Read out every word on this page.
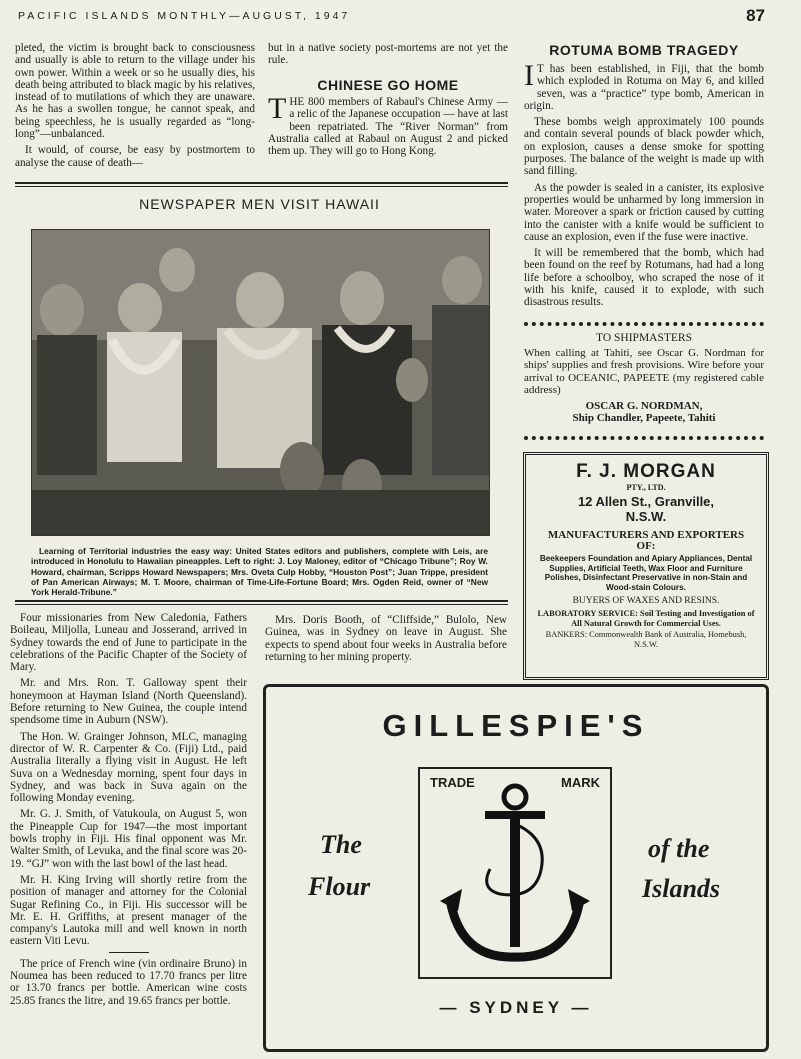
PACIFIC ISLANDS MONTHLY—AUGUST, 1947	87

pleted, the victim is brought back to consciousness and usually is able to return to the village under his own power. Within a week or so he usually dies, his death being attributed to black magic by his relatives, instead of to mutilations of which they are unaware. As he has a swollen tongue, he cannot speak, and being speechless, he is usually regarded as “long-long”—unbalanced.

It would, of course, be easy by postmortem to analyse the cause of death—

but in a native society post-mortems are not yet the rule.

CHINESE GO HOME
T HE 800 members of Rabaul's Chinese Army — a relic of the Japanese occupation — have at last been repatriated. The “River Norman” from Australia called at Rabaul on August 2 and picked them up. They will go to Hong Kong.
NEWSPAPER MEN VISIT HAWAII
Learning of Territorial industries the easy way: United States editors and publishers, complete with Leis, are introduced in Honolulu to Hawaiian pineapples. Left to right: J. Loy Maloney, editor of “Chicago Tribune”; Roy W. Howard, chairman, Scripps Howard Newspapers; Mrs. Oveta Culp Hobby, “Houston Post”; Juan Trippe, president of Pan American Airways; M. T. Moore, chairman of Time-Life-Fortune Board; Mrs. Ogden Reid, owner of “New York Herald-Tribune.”

Four missionaries from New Caledonia, Fathers Boileau, Miljolla, Luneau and Josserand, arrived in Sydney towards the end of June to participate in the celebrations of the Pacific Chapter of the Society of Mary.

Mr. and Mrs. Ron. T. Galloway spent their honeymoon at Hayman Island (North Queensland). Before returning to New Guinea, the couple intend spendsome time in Auburn (NSW).

The Hon. W. Grainger Johnson, MLC, managing director of W. R. Carpenter & Co. (Fiji) Ltd., paid Australia literally a flying visit in August. He left Suva on a Wednesday morning, spent four days in Sydney, and was back in Suva again on the following Monday evening.

Mr. G. J. Smith, of Vatukoula, on August 5, won the Pineapple Cup for 1947—the most important bowls trophy in Fiji. His final opponent was Mr. Walter Smith, of Levuka, and the final score was 20-19. “GJ” won with the last bowl of the last head.

Mr. H. King Irving will shortly retire from the position of manager and attorney for the Colonial Sugar Refining Co., in Fiji. His successor will be Mr. E. H. Griffiths, at present manager of the company's Lautoka mill and well known in north eastern Viti Levu.

The price of French wine (vin ordinaire Bruno) in Noumea has been reduced to 17.70 francs per litre or 13.70 francs per bottle. American wine costs 25.85 francs the litre, and 19.65 francs per bottle.

Mrs. Doris Booth, of “Cliffside,” Bulolo, New Guinea, was in Sydney on leave in August. She expects to spend about four weeks in Australia before returning to her mining property.

ROTUMA BOMB TRAGEDY

I T has been established, in Fiji, that the bomb which exploded in Rotuma on May 6, and killed seven, was a “practice” type bomb, American in origin.

These bombs weigh approximately 100 pounds and contain several pounds of black powder which, on explosion, causes a dense smoke for spotting purposes. The balance of the weight is made up with sand filling.

As the powder is sealed in a canister, its explosive properties would be unharmed by long immersion in water. Moreover a spark or friction caused by cutting into the canister with a knife would be sufficient to cause an explosion, even if the fuse were inactive.

It will be remembered that the bomb, which had been found on the reef by Rotumans, had had a long life before a schoolboy, who scraped the nose of it with his knife, caused it to explode, with such disastrous results.

TO SHIPMASTERS

When calling at Tahiti, see Oscar G. Nordman for ships' supplies and fresh provisions. Wire before your arrival to OCEANIC, PAPEETE (my registered cable address)

OSCAR G. NORDMAN,
Ship Chandler, Papeete, Tahiti
F. J. MORGAN
PTY., LTD.
12 Allen St., Granville,
N.S.W.
MANUFACTURERS AND EXPORTERS OF:
Beekeepers Foundation and Apiary Appliances, Dental Supplies, Artificial Teeth, Wax Floor and Furniture Polishes, Disinfectant Preservative in non-Stain and Wood-stain Colours.
BUYERS OF WAXES AND RESINS.
LABORATORY SERVICE: Soil Testing and Investigation of All Natural Growth for Commercial Uses.
BANKERS: Commonwealth Bank of Australia, Homebush, N.S.W.
GILLESPIE'S
TRADE	MARK
The
Flour
of the
Islands
— SYDNEY —
